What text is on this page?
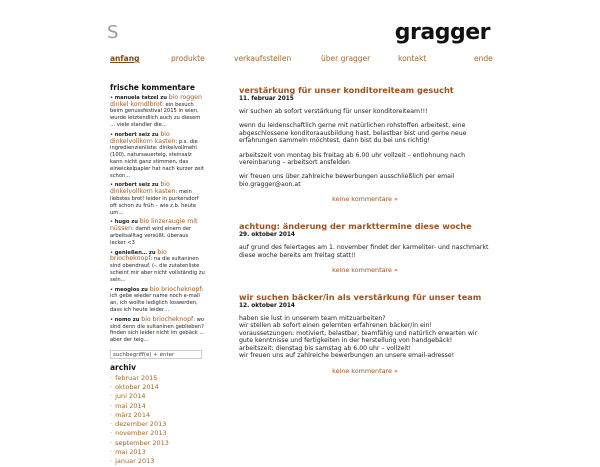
S	gragger
anfang	produkte	verkaufsstellen	über gragger	kontakt	ende
frische kommentare
• manuela tatzel zu bio roggen dinkel korndlbrot: ein besuch beim genussfestival 2015 in wien, wurde letztendlich auch zu diesem … viele standler die…
• norbert seiz zu bio dinkelvollkorn kasten: p.s. die ingredienzienliste: dinkelvollmehl (100), natursauerteig, steinsalz kann nicht ganz stimmen, das einwickelpapier hat nach kurzer zeit schon…
• norbert seiz zu bio dinkelvollkorn kasten: mein liebstes brot! leider in purkersdorf oft schon zu früh – wie z.b. heute um…
• hugo zu bio linzeraugie mit nüssen: damit wird einem der arbeitsalltag versüßt. überaus lecker <3
• genießen… zu bio briocheknopf: na die sultaninen sind obendrauf. (-. die zutatenliste scheint mir aber nicht vollständig zu sein...
• meoglos zu bio briocheknopf: ich gebe wieder name noch e-mail an, ich wollte lediglich loswerden, dass ich heute leider…
• nomo zu bio briocheknopf: wo sind denn die sultaninen geblieben? finden sich leider nicht im gebäck … aber der teig…
suchbegriff(e) + enter
archiv
· februar 2015
· oktober 2014
· juni 2014
· mai 2014
· märz 2014
· dezember 2013
· november 2013
· september 2013
· mai 2013
· januar 2013
verstärkung für unser konditoreiteam gesucht
11. februar 2015

wir suchen ab sofort verstärkung für unser konditoreiteam!!!

wenn du leidenschaftlich gerne mit natürlichen rohstoffen arbeitest, eine abgeschlossene konditoraausbildung hast, belastbar bist und gerne neue erfahrungen sammeln möchtest, dann bist du bei uns richtig!

arbeitszeit von montag bis freitag ab 6.00 uhr vollzeit – entlohnung nach vereinbarung – arbeitsort ansfelden

wir freuen uns über zahlreiche bewerbungen ausschließlich per email bio.gragger@aon.at

keine kommentare »
achtung: änderung der markttermine diese woche
29. oktober 2014

auf grund des feiertages am 1. november findet der karmeliter- und naschmarkt diese woche bereits am freitag statt!!

keine kommentare »
wir suchen bäcker/in als verstärkung für unser team
12. oktober 2014

haben sie lust in unserem team mitzuarbeiten?
wir stellen ab sofort einen gelernten erfahrenen bäcker/in ein!
voraussetzungen: motiviert, belastbar, teamfähig und natürlich erwarten wir gute kenntnisse und fertigkeiten in der herstellung von handgebäck!
arbeitszeit: dienstag bis samstag ab 6.00 uhr – vollzeit!
wir freuen uns auf zahlreiche bewerbungen an unsere email-adresse!

keine kommentare »
